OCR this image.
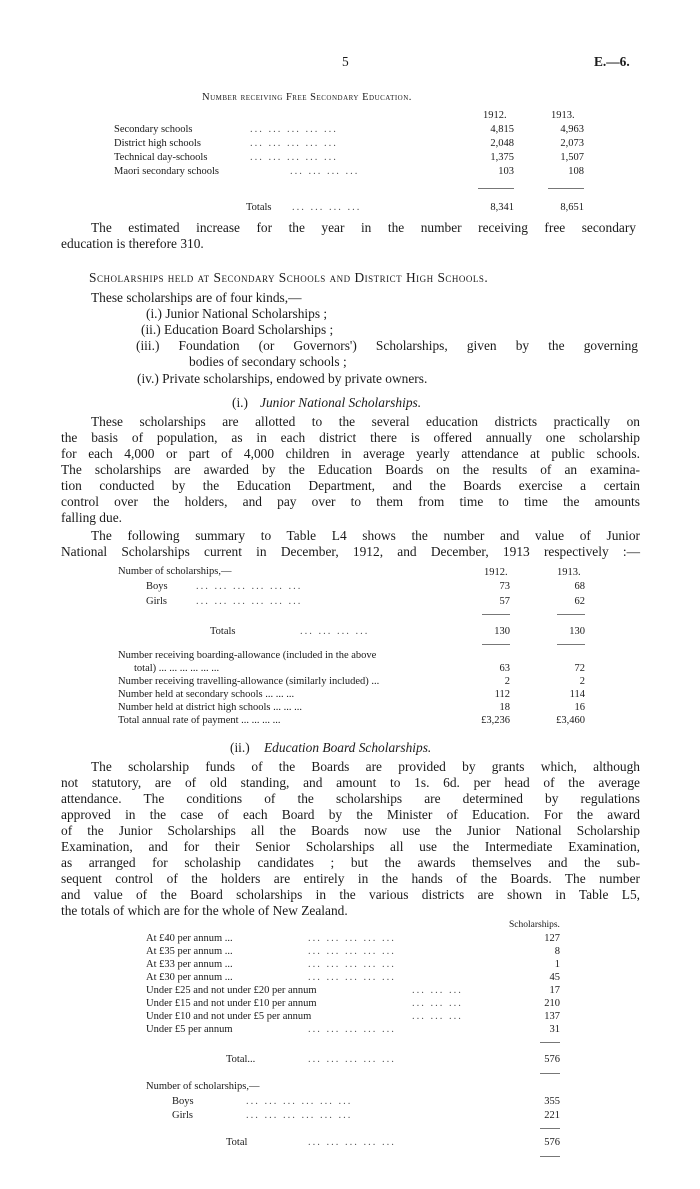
5	E.—6.
Number receiving Free Secondary Education.
1912.	1913.
Secondary schools	... ... ... ... ...	4,815	4,963
District high schools	... ... ... ... ...	2,048	2,073
Technical day-schools	... ... ... ... ...	1,375	1,507
Maori secondary schools	... ... ... ...	103	108
Totals ... ... ... ...	8,341	8,651
The estimated increase for the year in the number receiving free secondary
education is therefore 310.
Scholarships held at Secondary Schools and District High Schools.
These scholarships are of four kinds,—
(i.) Junior National Scholarships ;
(ii.) Education Board Scholarships ;
(iii.) Foundation (or Governors') Scholarships, given by the governing
bodies of secondary schools ;
(iv.) Private scholarships, endowed by private owners.
(i.) Junior National Scholarships.
These scholarships are allotted to the several education districts practically on
the basis of population, as in each district there is offered annually one scholarship
for each 4,000 or part of 4,000 children in average yearly attendance at public schools.
The scholarships are awarded by the Education Boards on the results of an examina-
tion conducted by the Education Department, and the Boards exercise a certain
control over the holders, and pay over to them from time to time the amounts
falling due.
The following summary to Table L4 shows the number and value of Junior
National Scholarships current in December, 1912, and December, 1913 respectively :—
Number of scholarships,—	1912.	1913.
Boys	... ... ... ... ... ...	73	68
Girls	... ... ... ... ... ...	57	62
Totals	... ... ... ...	130	130
Number receiving boarding-allowance (included in the above
total) ... ... ... ... ... ...	63	72
Number receiving travelling-allowance (similarly included) ...	2	2
Number held at secondary schools ... ... ...	112	114
Number held at district high schools ... ... ...	18	16
Total annual rate of payment ... ... ... ...	£3,236	£3,460
(ii.) Education Board Scholarships.
The scholarship funds of the Boards are provided by grants which, although
not statutory, are of old standing, and amount to 1s. 6d. per head of the average
attendance. The conditions of the scholarships are determined by regulations
approved in the case of each Board by the Minister of Education. For the award
of the Junior Scholarships all the Boards now use the Junior National Scholarship
Examination, and for their Senior Scholarships all use the Intermediate Examination,
as arranged for scholaship candidates ; but the awards themselves and the sub-
sequent control of the holders are entirely in the hands of the Boards. The number
and value of the Board scholarships in the various districts are shown in Table L5,
the totals of which are for the whole of New Zealand.
Scholarships.
At £40 per annum ...	... ... ... ... ...	127
At £35 per annum ...	... ... ... ... ...	8
At £33 per annum ...	... ... ... ... ...	1
At £30 per annum ...	... ... ... ... ...	45
Under £25 and not under £20 per annum	... ... ...	17
Under £15 and not under £10 per annum	... ... ...	210
Under £10 and not under £5 per annum	... ... ...	137
Under £5 per annum	... ... ... ... ...	31
Total...	... ... ... ... ...	576
Number of scholarships,—
Boys	... ... ... ... ... ...	355
Girls	... ... ... ... ... ...	221
Total	... ... ... ... ...	576
